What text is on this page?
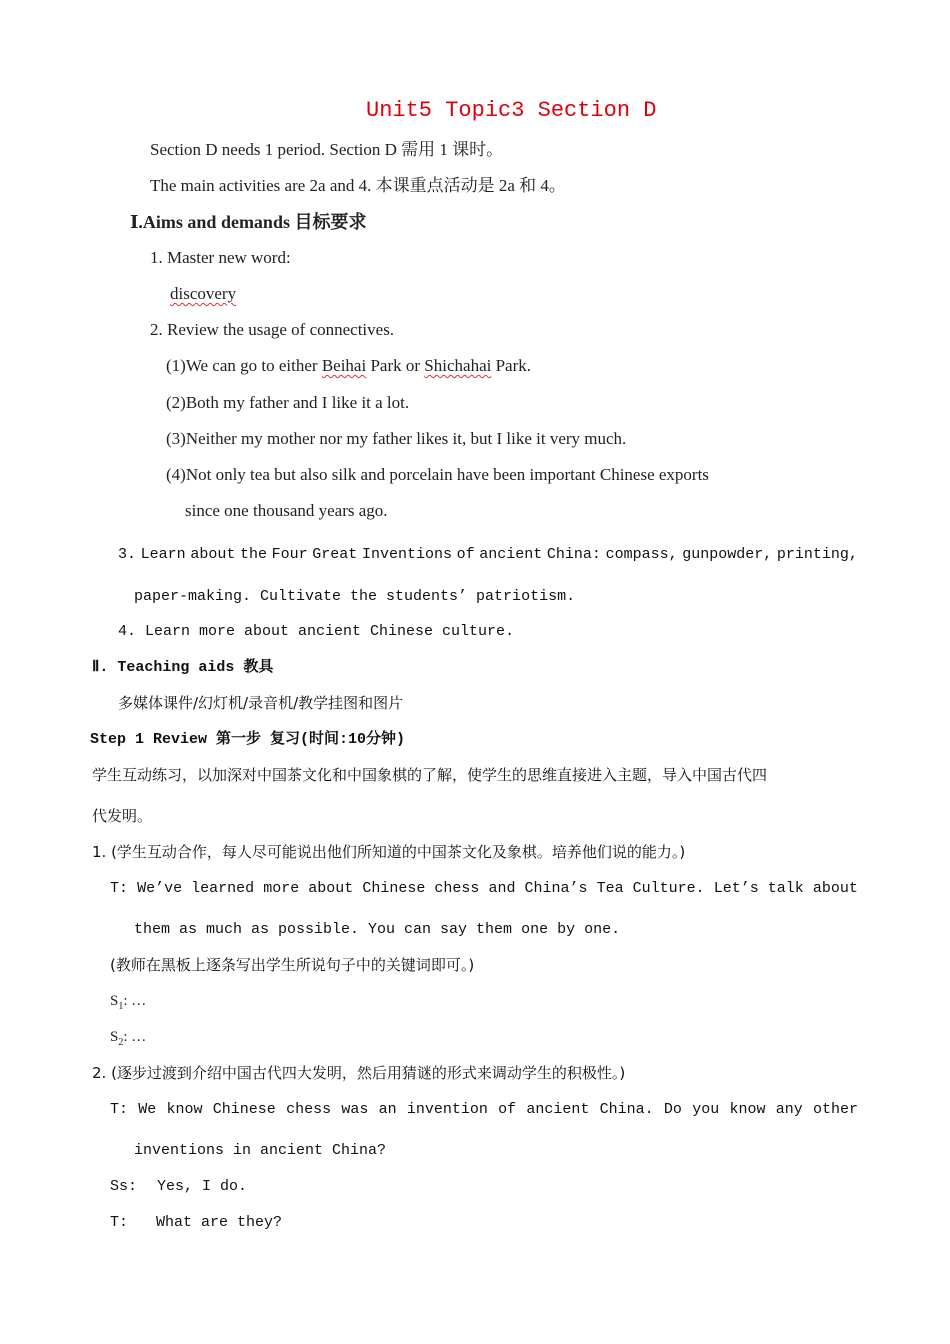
Unit5 Topic3 Section D
Section D needs 1 period. Section D 需用 1 课时。
The main activities are 2a and 4. 本课重点活动是 2a 和 4。
Ⅰ.Aims and demands 目标要求
1. Master new word:
discovery
2. Review the usage of connectives.
(1)We can go to either Beihai Park or Shichahai Park.
(2)Both my father and I like it a lot.
(3)Neither my mother nor my father likes it, but I like it very much.
(4)Not only tea but also silk and porcelain have been important Chinese exports
since one thousand years ago.
3. Learn about the Four Great Inventions of ancient China: compass, gunpowder, printing,
paper-making. Cultivate the students’ patriotism.
4. Learn more about ancient Chinese culture.
Ⅱ. Teaching aids 教具
多媒体课件/幻灯机/录音机/教学挂图和图片
Step 1 Review 第一步 复习(时间:10分钟)
学生互动练习，以加深对中国茶文化和中国象棋的了解，使学生的思维直接进入主题，导入中国古代四
代发明。
1. (学生互动合作，每人尽可能说出他们所知道的中国茶文化及象棋。培养他们说的能力。)
T: We’ve learned more about Chinese chess and China’s Tea Culture. Let’s talk about
them as much as possible. You can say them one by one.
(教师在黑板上逐条写出学生所说句子中的关键词即可。)
$S_1$: …
$S_2$: …
2. (逐步过渡到介绍中国古代四大发明，然后用猜谜的形式来调动学生的积极性。)
T: We know Chinese chess was an invention of ancient China. Do you know any other
inventions in ancient China?
Ss: Yes, I do.
T: What are they?
